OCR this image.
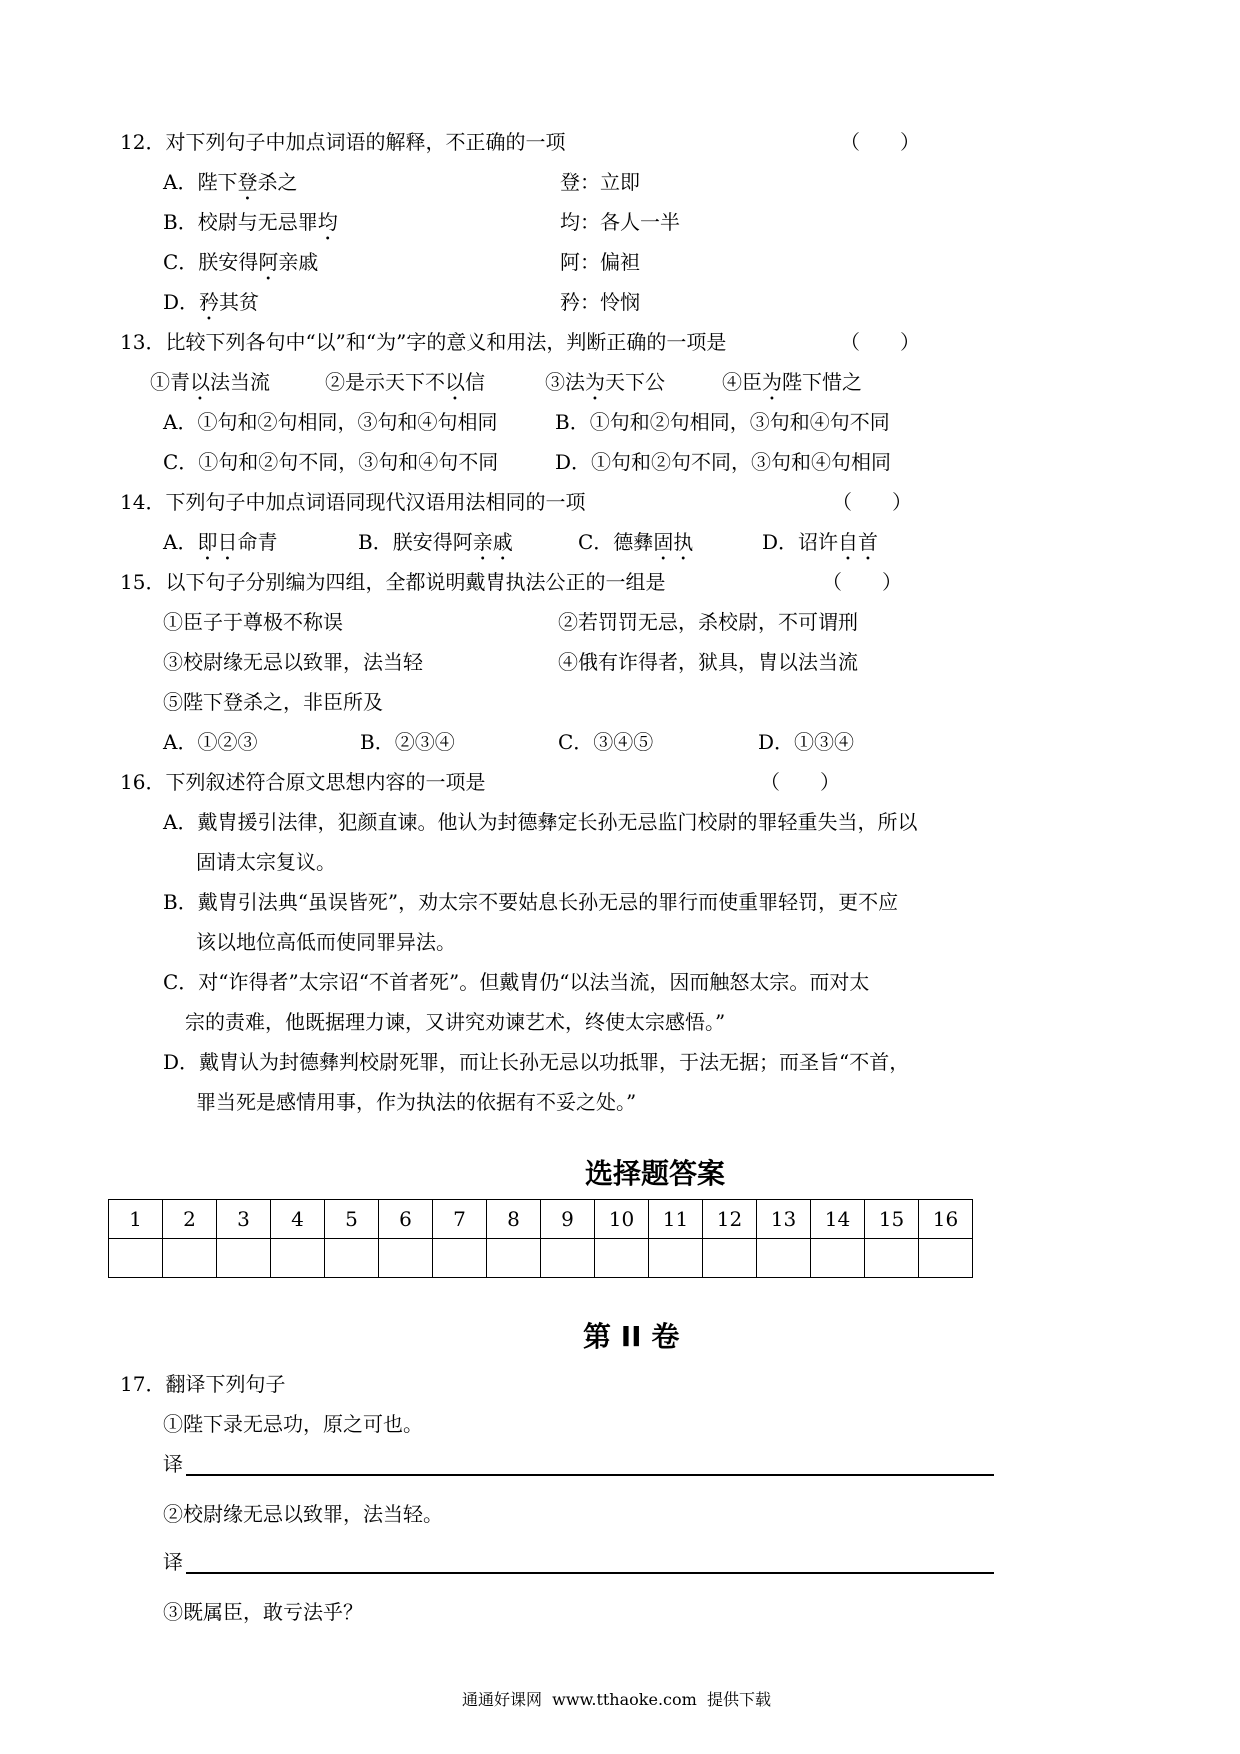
12．对下列句子中加点词语的解释，不正确的一项	（　　）
A．陛下登杀之	登：立即
B．校尉与无忌罪均	均：各人一半
C．朕安得阿亲戚	阿：偏袒
D．矜其贫	矜：怜悯
13．比较下列各句中“以”和“为”字的意义和用法，判断正确的一项是	（　　）
①青以法当流	②是示天下不以信	③法为天下公	④臣为陛下惜之
A．①句和②句相同，③句和④句相同	B．①句和②句相同，③句和④句不同
C．①句和②句不同，③句和④句不同	D．①句和②句不同，③句和④句相同
14．下列句子中加点词语同现代汉语用法相同的一项	（　　）
A．即日命青	B．朕安得阿亲戚	C．德彝固执	D．诏许自首
15．以下句子分别编为四组，全都说明戴胄执法公正的一组是	（　　）
①臣子于尊极不称误	②若罚罚无忌，杀校尉，不可谓刑
③校尉缘无忌以致罪，法当轻	④俄有诈得者，狱具，胄以法当流
⑤陛下登杀之，非臣所及
A．①②③	B．②③④	C．③④⑤	D．①③④
16．下列叙述符合原文思想内容的一项是	（　　）
A．戴胄援引法律，犯颜直谏。他认为封德彝定长孙无忌监门校尉的罪轻重失当，所以
固请太宗复议。
B．戴胄引法典“虽误皆死”，劝太宗不要姑息长孙无忌的罪行而使重罪轻罚，更不应
该以地位高低而使同罪异法。
C．对“诈得者”太宗诏“不首者死”。但戴胄仍“以法当流，因而触怒太宗。而对太
宗的责难，他既据理力谏，又讲究劝谏艺术，终使太宗感悟。”
D．戴胄认为封德彝判校尉死罪，而让长孙无忌以功抵罪，于法无据；而圣旨“不首，
罪当死是感情用事，作为执法的依据有不妥之处。”
选择题答案
1	2	3	4	5	6	7	8	9	10	11	12	13	14	15	16

第 II 卷
17．翻译下列句子
①陛下录无忌功，原之可也。
译
②校尉缘无忌以致罪，法当轻。
译
③既属臣，敢亏法乎？
通通好课网  www.tthaoke.com  提供下载
